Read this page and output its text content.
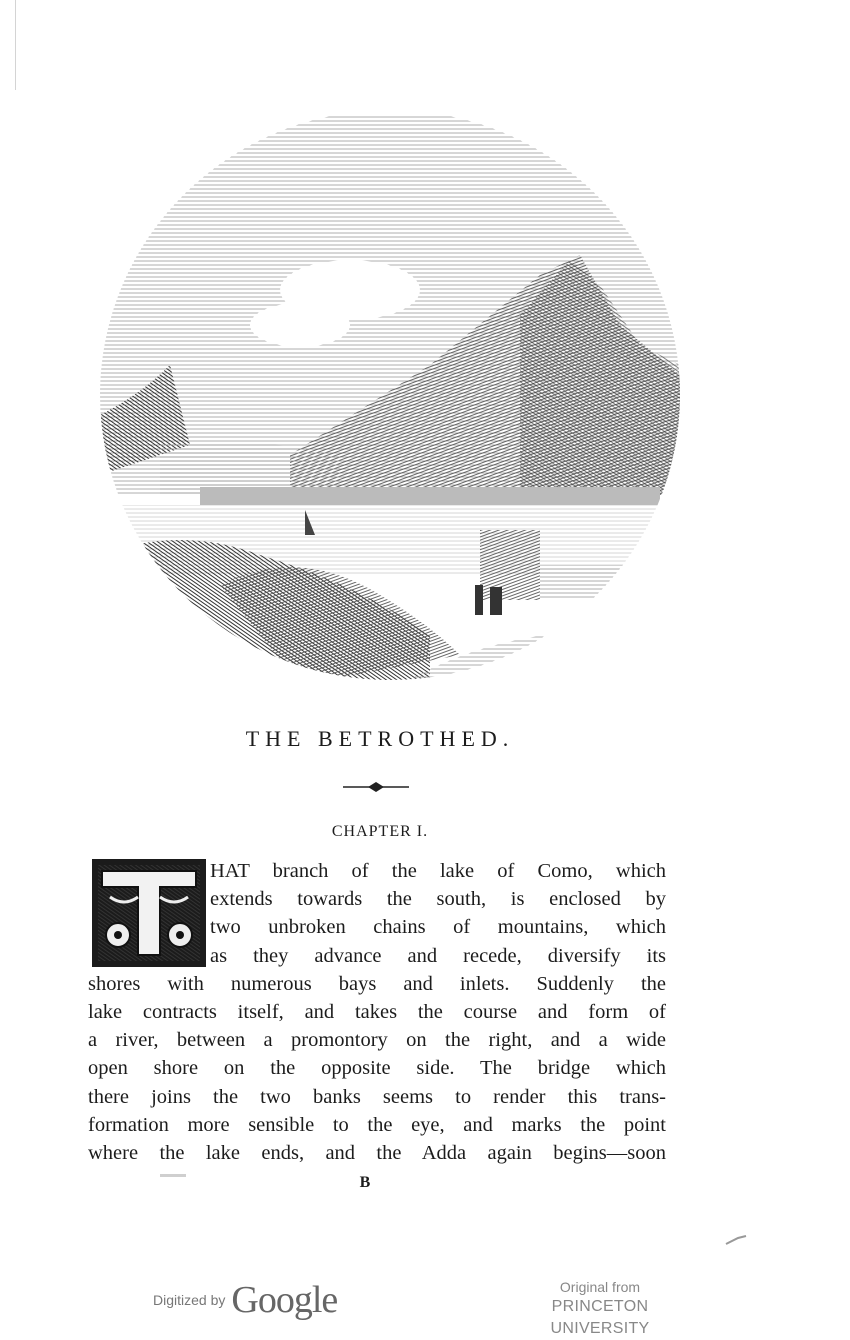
THE BETROTHED.
CHAPTER I.
HAT branch of the lake of Como, which
extends towards the south, is enclosed by
two unbroken chains of mountains, which
as they advance and recede, diversify its
shores with numerous bays and inlets. Suddenly the
lake contracts itself, and takes the course and form of
a river, between a promontory on the right, and a wide
open shore on the opposite side. The bridge which
there joins the two banks seems to render this trans-
formation more sensible to the eye, and marks the point
where the lake ends, and the Adda again begins—soon
B
Digitized by Google	Original from
PRINCETON UNIVERSITY
